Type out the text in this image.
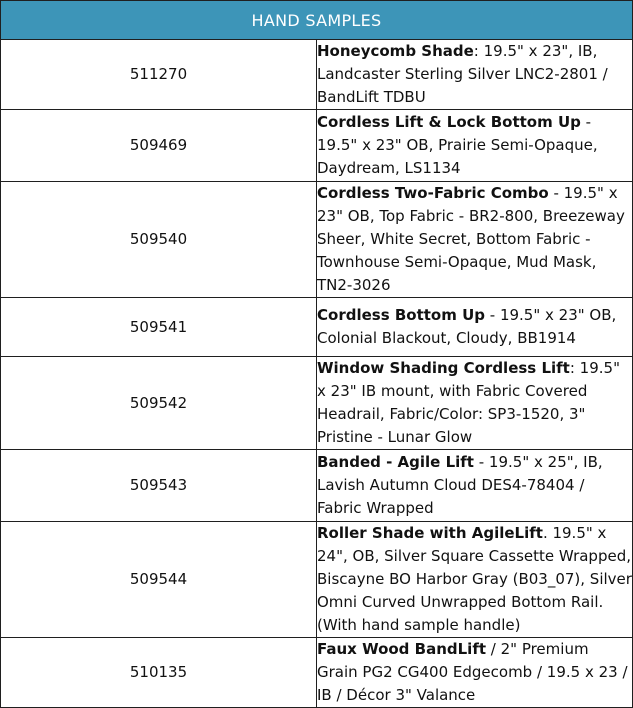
HAND SAMPLES	
511270	Honeycomb Shade: 19.5" x 23", IB, Landcaster Sterling Silver LNC2-2801 / BandLift TDBU
509469	Cordless Lift & Lock Bottom Up - 19.5" x 23" OB, Prairie Semi-Opaque, Daydream, LS1134
509540	Cordless Two-Fabric Combo - 19.5" x 23" OB, Top Fabric - BR2-800, Breezeway Sheer, White Secret, Bottom Fabric - Townhouse Semi-Opaque, Mud Mask, TN2-3026
509541	Cordless Bottom Up - 19.5" x 23" OB, Colonial Blackout, Cloudy, BB1914
509542	Window Shading Cordless Lift: 19.5" x 23" IB mount, with Fabric Covered Headrail, Fabric/Color: SP3-1520, 3" Pristine - Lunar Glow
509543	Banded - Agile Lift - 19.5" x 25", IB, Lavish Autumn Cloud DES4-78404 / Fabric Wrapped
509544	Roller Shade with AgileLift. 19.5" x 24", OB, Silver Square Cassette Wrapped, Biscayne BO Harbor Gray (B03_07), Silver Omni Curved Unwrapped Bottom Rail. (With hand sample handle)
510135	Faux Wood BandLift / 2" Premium Grain PG2 CG400 Edgecomb / 19.5 x 23 / IB / Décor 3" Valance
